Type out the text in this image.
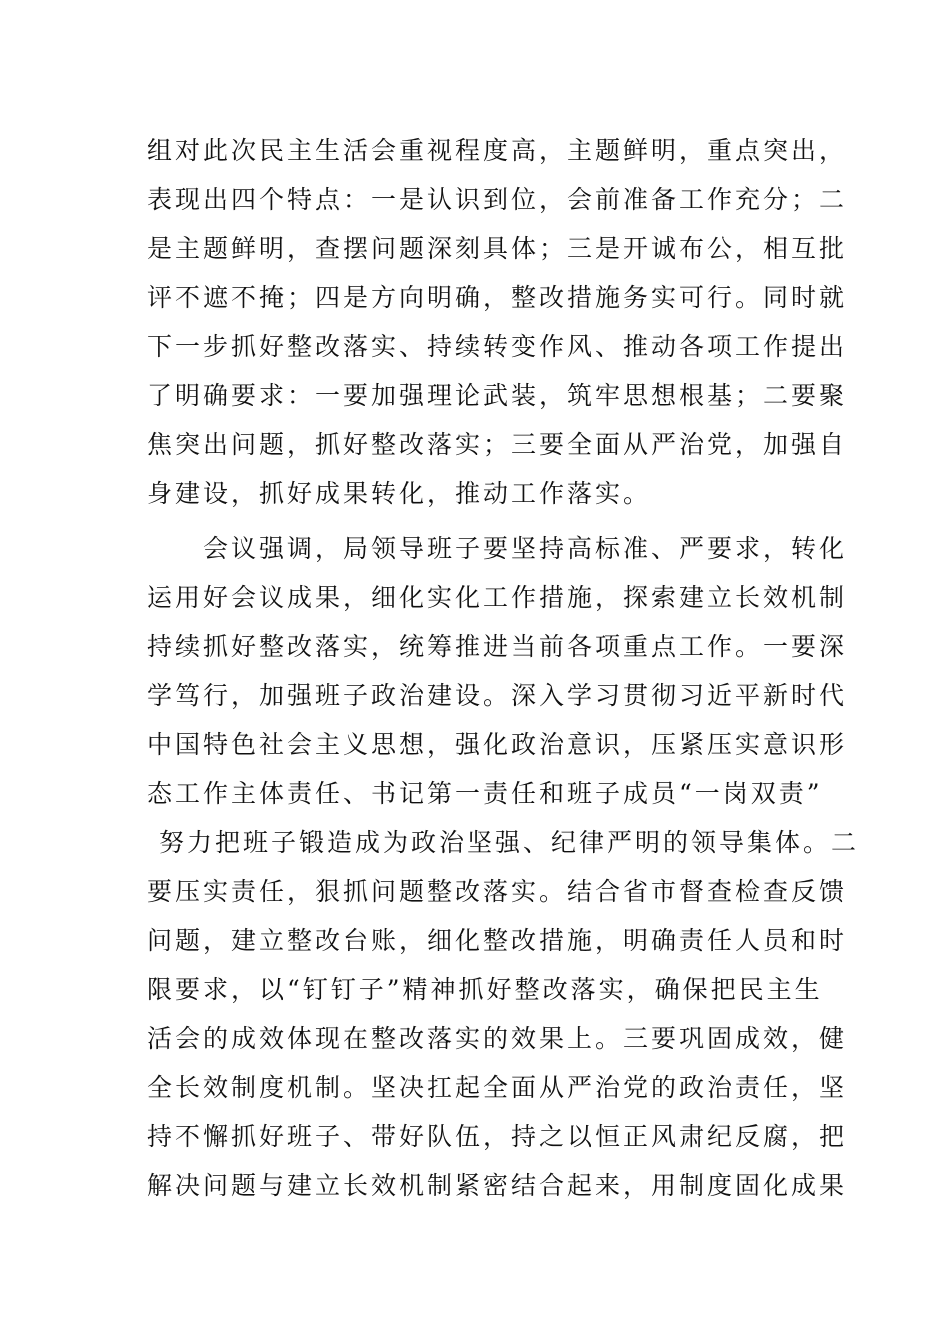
组对此次民主生活会重视程度高，主题鲜明，重点突出，
表现出四个特点：一是认识到位，会前准备工作充分；二
是主题鲜明，查摆问题深刻具体；三是开诚布公，相互批
评不遮不掩；四是方向明确，整改措施务实可行。同时就
下一步抓好整改落实、持续转变作风、推动各项工作提出
了明确要求：一要加强理论武装，筑牢思想根基；二要聚
焦突出问题，抓好整改落实；三要全面从严治党，加强自
身建设，抓好成果转化，推动工作落实。
会议强调，局领导班子要坚持高标准、严要求，转化
运用好会议成果，细化实化工作措施，探索建立长效机制
持续抓好整改落实，统筹推进当前各项重点工作。一要深
学笃行，加强班子政治建设。深入学习贯彻习近平新时代
中国特色社会主义思想，强化政治意识，压紧压实意识形
态工作主体责任、书记第一责任和班子成员“一岗双责”
努力把班子锻造成为政治坚强、纪律严明的领导集体。二
要压实责任，狠抓问题整改落实。结合省市督查检查反馈
问题，建立整改台账，细化整改措施，明确责任人员和时
限要求，以“钉钉子”精神抓好整改落实，确保把民主生
活会的成效体现在整改落实的效果上。三要巩固成效，健
全长效制度机制。坚决扛起全面从严治党的政治责任，坚
持不懈抓好班子、带好队伍，持之以恒正风肃纪反腐，把
解决问题与建立长效机制紧密结合起来，用制度固化成果
